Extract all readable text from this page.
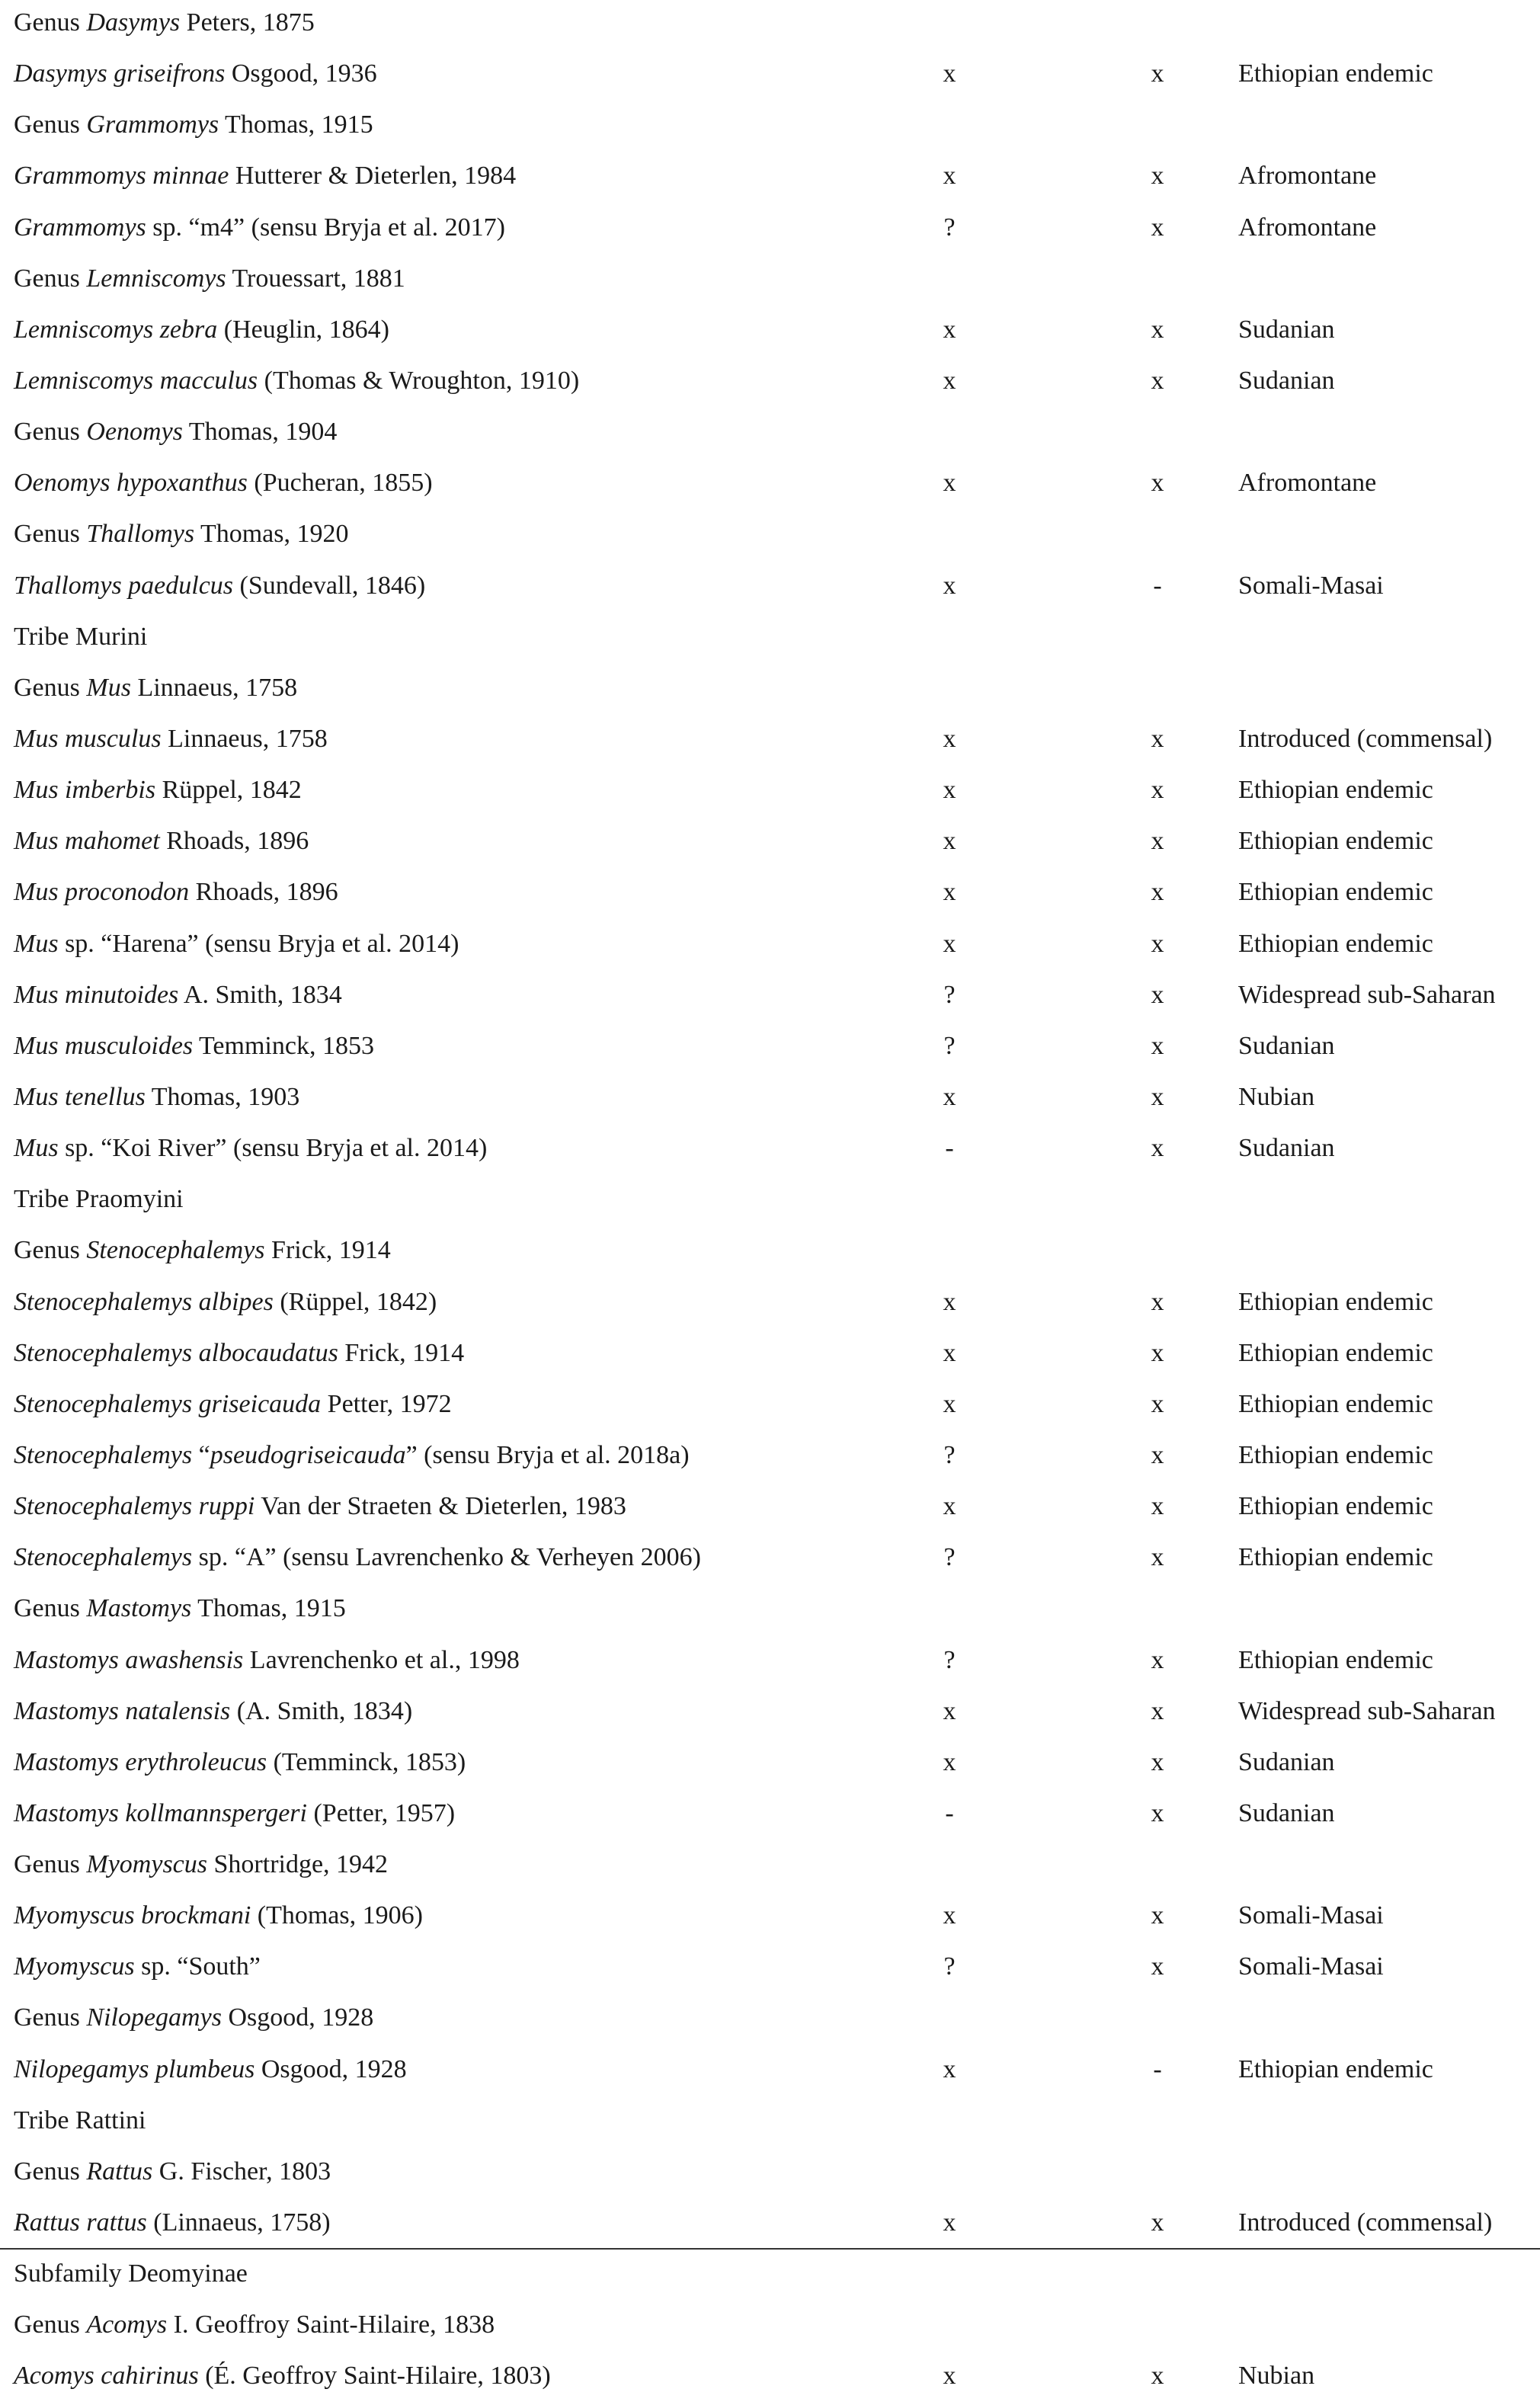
Genus Dasymys Peters, 1875
Dasymys griseifrons Osgood, 1936	x	x	Ethiopian endemic
Genus Grammomys Thomas, 1915
Grammomys minnae Hutterer & Dieterlen, 1984	x	x	Afromontane
Grammomys sp. “m4” (sensu Bryja et al. 2017)	?	x	Afromontane
Genus Lemniscomys Trouessart, 1881
Lemniscomys zebra (Heuglin, 1864)	x	x	Sudanian
Lemniscomys macculus (Thomas & Wroughton, 1910)	x	x	Sudanian
Genus Oenomys Thomas, 1904
Oenomys hypoxanthus (Pucheran, 1855)	x	x	Afromontane
Genus Thallomys Thomas, 1920
Thallomys paedulcus (Sundevall, 1846)	x	-	Somali-Masai
Tribe Murini
Genus Mus Linnaeus, 1758
Mus musculus Linnaeus, 1758	x	x	Introduced (commensal)
Mus imberbis Rüppel, 1842	x	x	Ethiopian endemic
Mus mahomet Rhoads, 1896	x	x	Ethiopian endemic
Mus proconodon Rhoads, 1896	x	x	Ethiopian endemic
Mus sp. “Harena” (sensu Bryja et al. 2014)	x	x	Ethiopian endemic
Mus minutoides A. Smith, 1834	?	x	Widespread sub-Saharan
Mus musculoides Temminck, 1853	?	x	Sudanian
Mus tenellus Thomas, 1903	x	x	Nubian
Mus sp. “Koi River” (sensu Bryja et al. 2014)	-	x	Sudanian
Tribe Praomyini
Genus Stenocephalemys Frick, 1914
Stenocephalemys albipes (Rüppel, 1842)	x	x	Ethiopian endemic
Stenocephalemys albocaudatus Frick, 1914	x	x	Ethiopian endemic
Stenocephalemys griseicauda Petter, 1972	x	x	Ethiopian endemic
Stenocephalemys “pseudogriseicauda” (sensu Bryja et al. 2018a)	?	x	Ethiopian endemic
Stenocephalemys ruppi Van der Straeten & Dieterlen, 1983	x	x	Ethiopian endemic
Stenocephalemys sp. “A” (sensu Lavrenchenko & Verheyen 2006)	?	x	Ethiopian endemic
Genus Mastomys Thomas, 1915
Mastomys awashensis Lavrenchenko et al., 1998	?	x	Ethiopian endemic
Mastomys natalensis (A. Smith, 1834)	x	x	Widespread sub-Saharan
Mastomys erythroleucus (Temminck, 1853)	x	x	Sudanian
Mastomys kollmannspergeri (Petter, 1957)	-	x	Sudanian
Genus Myomyscus Shortridge, 1942
Myomyscus brockmani (Thomas, 1906)	x	x	Somali-Masai
Myomyscus sp. “South”	?	x	Somali-Masai
Genus Nilopegamys Osgood, 1928
Nilopegamys plumbeus Osgood, 1928	x	-	Ethiopian endemic
Tribe Rattini
Genus Rattus G. Fischer, 1803
Rattus rattus (Linnaeus, 1758)	x	x	Introduced (commensal)
Subfamily Deomyinae
Genus Acomys I. Geoffroy Saint-Hilaire, 1838
Acomys cahirinus (É. Geoffroy Saint-Hilaire, 1803)	x	x	Nubian
